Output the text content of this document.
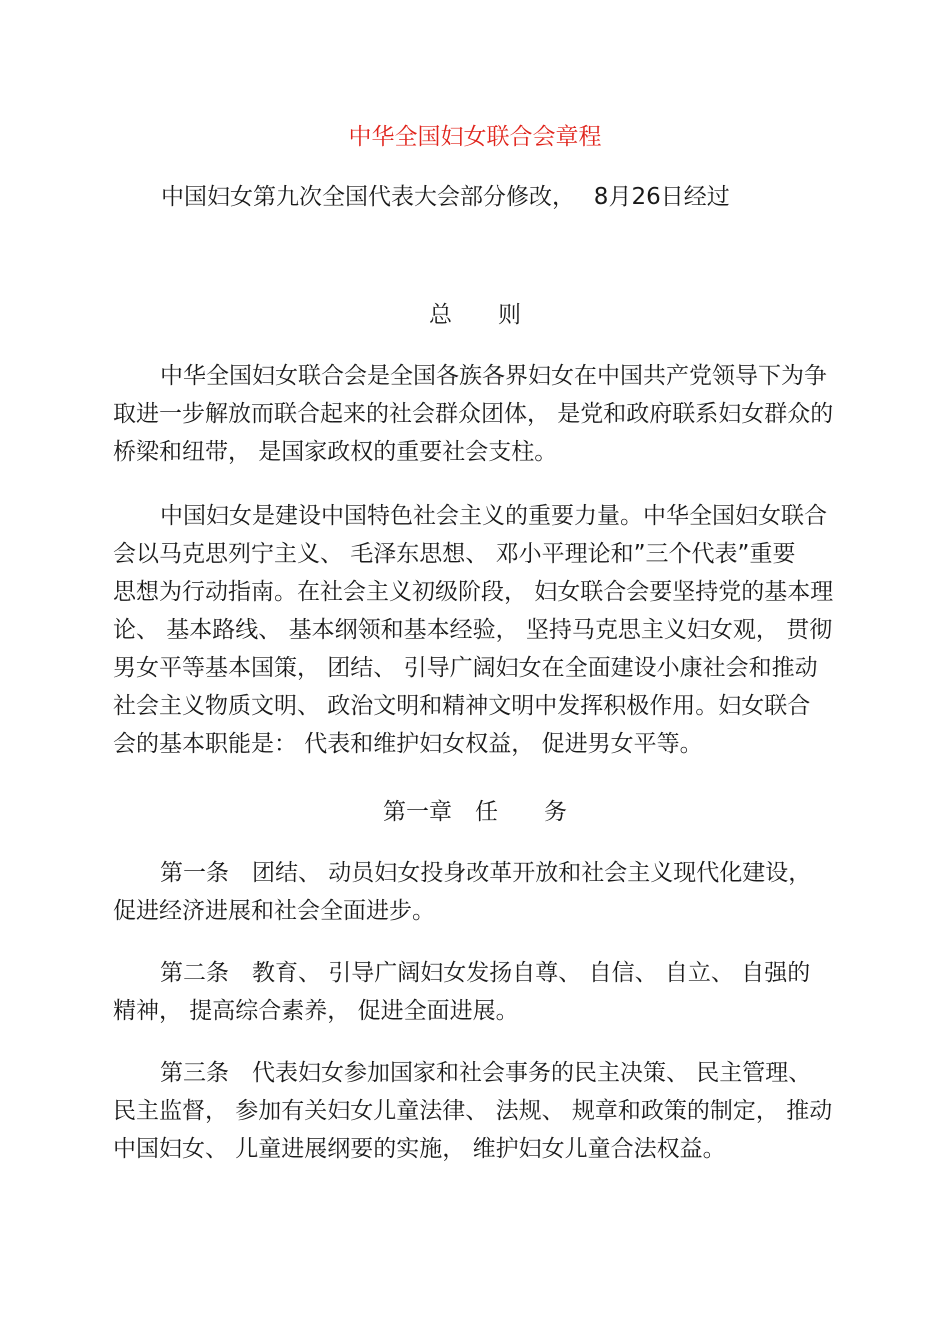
中华全国妇女联合会章程
中国妇女第九次全国代表大会部分修改，　 8月26日经过
总　　则
中华全国妇女联合会是全国各族各界妇女在中国共产党领导下为争
取进一步解放而联合起来的社会群众团体， 是党和政府联系妇女群众的
桥梁和纽带， 是国家政权的重要社会支柱。
中国妇女是建设中国特色社会主义的重要力量。中华全国妇女联合
会以马克思列宁主义、 毛泽东思想、 邓小平理论和”三个代表”重要
思想为行动指南。在社会主义初级阶段， 妇女联合会要坚持党的基本理
论、 基本路线、 基本纲领和基本经验， 坚持马克思主义妇女观， 贯彻
男女平等基本国策， 团结、 引导广阔妇女在全面建设小康社会和推动
社会主义物质文明、 政治文明和精神文明中发挥积极作用。妇女联合
会的基本职能是： 代表和维护妇女权益， 促进男女平等。
第一章　任　　务
第一条　团结、 动员妇女投身改革开放和社会主义现代化建设，
促进经济进展和社会全面进步。
第二条　教育、 引导广阔妇女发扬自尊、 自信、 自立、 自强的
精神， 提高综合素养， 促进全面进展。
第三条　代表妇女参加国家和社会事务的民主决策、 民主管理、
民主监督， 参加有关妇女儿童法律、 法规、 规章和政策的制定， 推动
中国妇女、 儿童进展纲要的实施， 维护妇女儿童合法权益。
